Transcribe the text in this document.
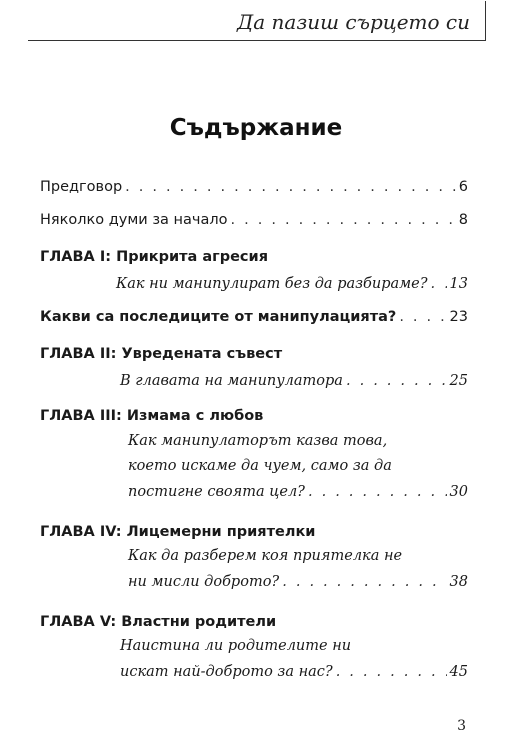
Да пазиш сърцето си
Съдържание
Предговор . . .	6
Няколко думи за начало . . .	8
ГЛАВА I: Прикрита агресия
Как ни манипулират без да разбираме? . . . 13
Какви са последиците от манипулацията? . . .	23
ГЛАВА II: Увредената съвест
В главата на манипулатора . . .	25
ГЛАВА III: Измама с любов
Как манипулаторът казва това,
което искаме да чуем, само за да
постигне своята цел? . . .	30
ГЛАВА IV: Лицемерни приятелки
Как да разберем коя приятелка не
ни мисли доброто? . . .	38
ГЛАВА V: Властни родители
Наистина ли родителите ни
искат най-доброто за нас? . . .	45
3
